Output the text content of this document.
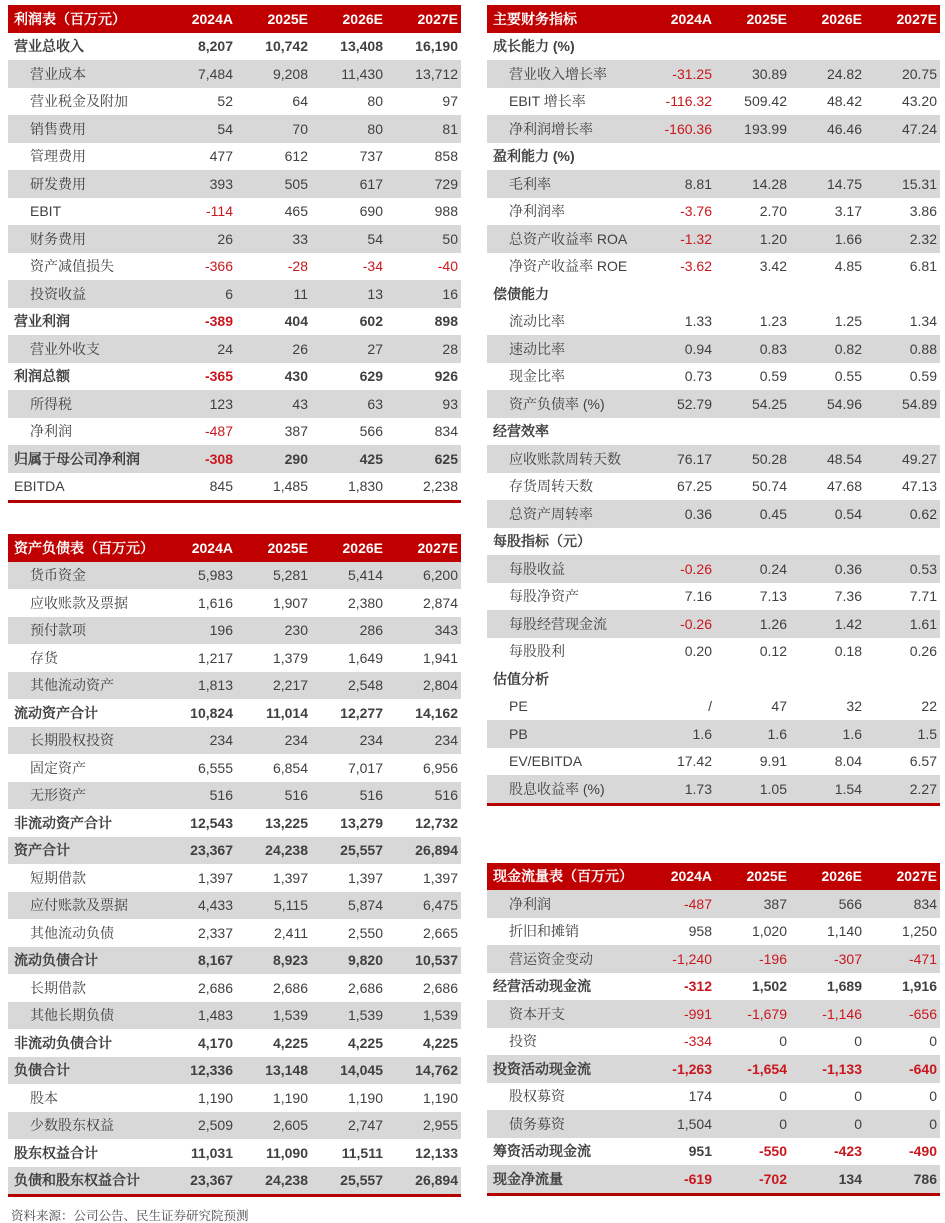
利润表（百万元）	2024A	2025E	2026E	2027E
营业总收入	8,207	10,742	13,408	16,190
营业成本	7,484	9,208	11,430	13,712
营业税金及附加	52	64	80	97
销售费用	54	70	80	81
管理费用	477	612	737	858
研发费用	393	505	617	729
EBIT	-114	465	690	988
财务费用	26	33	54	50
资产减值损失	-366	-28	-34	-40
投资收益	6	11	13	16
营业利润	-389	404	602	898
营业外收支	24	26	27	28
利润总额	-365	430	629	926
所得税	123	43	63	93
净利润	-487	387	566	834
归属于母公司净利润	-308	290	425	625
EBITDA	845	1,485	1,830	2,238
资产负债表（百万元）	2024A	2025E	2026E	2027E
货币资金	5,983	5,281	5,414	6,200
应收账款及票据	1,616	1,907	2,380	2,874
预付款项	196	230	286	343
存货	1,217	1,379	1,649	1,941
其他流动资产	1,813	2,217	2,548	2,804
流动资产合计	10,824	11,014	12,277	14,162
长期股权投资	234	234	234	234
固定资产	6,555	6,854	7,017	6,956
无形资产	516	516	516	516
非流动资产合计	12,543	13,225	13,279	12,732
资产合计	23,367	24,238	25,557	26,894
短期借款	1,397	1,397	1,397	1,397
应付账款及票据	4,433	5,115	5,874	6,475
其他流动负债	2,337	2,411	2,550	2,665
流动负债合计	8,167	8,923	9,820	10,537
长期借款	2,686	2,686	2,686	2,686
其他长期负债	1,483	1,539	1,539	1,539
非流动负债合计	4,170	4,225	4,225	4,225
负债合计	12,336	13,148	14,045	14,762
股本	1,190	1,190	1,190	1,190
少数股东权益	2,509	2,605	2,747	2,955
股东权益合计	11,031	11,090	11,511	12,133
负债和股东权益合计	23,367	24,238	25,557	26,894
资料来源：公司公告、民生证券研究院预测
主要财务指标	2024A	2025E	2026E	2027E
成长能力 (%)
营业收入增长率	-31.25	30.89	24.82	20.75
EBIT 增长率	-116.32	509.42	48.42	43.20
净利润增长率	-160.36	193.99	46.46	47.24
盈利能力 (%)
毛利率	8.81	14.28	14.75	15.31
净利润率	-3.76	2.70	3.17	3.86
总资产收益率 ROA	-1.32	1.20	1.66	2.32
净资产收益率 ROE	-3.62	3.42	4.85	6.81
偿债能力
流动比率	1.33	1.23	1.25	1.34
速动比率	0.94	0.83	0.82	0.88
现金比率	0.73	0.59	0.55	0.59
资产负债率 (%)	52.79	54.25	54.96	54.89
经营效率
应收账款周转天数	76.17	50.28	48.54	49.27
存货周转天数	67.25	50.74	47.68	47.13
总资产周转率	0.36	0.45	0.54	0.62
每股指标（元）
每股收益	-0.26	0.24	0.36	0.53
每股净资产	7.16	7.13	7.36	7.71
每股经营现金流	-0.26	1.26	1.42	1.61
每股股利	0.20	0.12	0.18	0.26
估值分析
PE	/	47	32	22
PB	1.6	1.6	1.6	1.5
EV/EBITDA	17.42	9.91	8.04	6.57
股息收益率 (%)	1.73	1.05	1.54	2.27
现金流量表（百万元）	2024A	2025E	2026E	2027E
净利润	-487	387	566	834
折旧和摊销	958	1,020	1,140	1,250
营运资金变动	-1,240	-196	-307	-471
经营活动现金流	-312	1,502	1,689	1,916
资本开支	-991	-1,679	-1,146	-656
投资	-334	0	0	0
投资活动现金流	-1,263	-1,654	-1,133	-640
股权募资	174	0	0	0
债务募资	1,504	0	0	0
筹资活动现金流	951	-550	-423	-490
现金净流量	-619	-702	134	786
